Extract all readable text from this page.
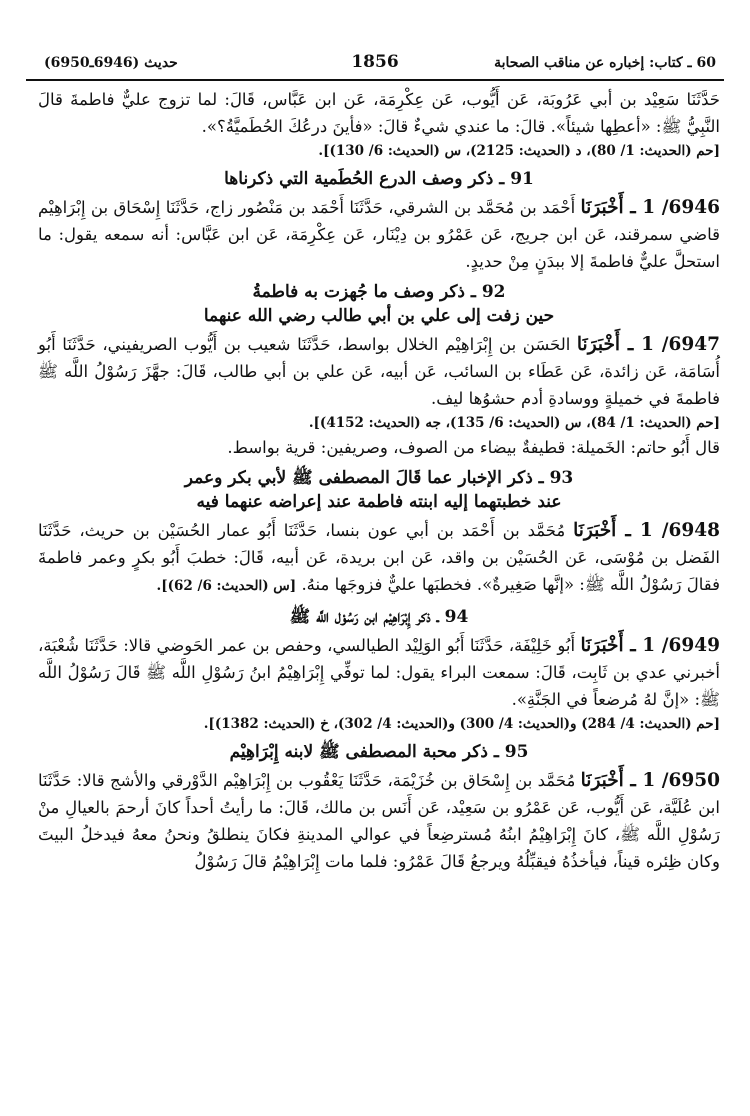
60 ـ كتاب: إخباره عن مناقب الصحابة
1856
حديث (6946ـ6950)

حَدَّثَنَا سَعِيْد بن أبي عَرُوبَة، عَن أَيُّوب، عَن عِكْرِمَة، عَن ابن عَبَّاس، قَالَ: لما تزوج عليٌّ فاطمةَ قالَ النَّبِيُّ ﷺ: «أعطِها شيئاً». قالَ: ما عندي شيءٌ قالَ: «فأينَ درعُكَ الحُطَميَّةُ؟».

[حم (الحديث: 1/ 80)، د (الحديث: 2125)، س (الحديث: 6/ 130)].

91 ـ ذكر وصف الدرع الحُطَمية التي ذكرناها

6946/ 1 ـ أَخْبَرَنَا أَحْمَد بن مُحَمَّد بن الشرقي، حَدَّثَنَا أَحْمَد بن مَنْصُور زاج، حَدَّثَنَا إِسْحَاق بن إِبْرَاهِيْم قاضي سمرقند، عَن ابن جريج، عَن عَمْرُو بن دِيْنَار، عَن عِكْرِمَة، عَن ابن عَبَّاس: أنه سمعه يقول: ما استحلَّ عليٌّ فاطمةَ إلا ببدَنٍ مِنْ حديدٍ.

92 ـ ذكر وصف ما جُهزت به فاطمةُ
حين زفت إلى علي بن أبي طالب رضي الله عنهما

6947/ 1 ـ أَخْبَرَنَا الحَسَن بن إِبْرَاهِيْم الخلال بواسط، حَدَّثَنَا شعيب بن أَيُّوب الصريفيني، حَدَّثَنَا أَبُو أُسَامَة، عَن زائدة، عَن عَطَاء بن السائب، عَن أبيه، عَن علي بن أبي طالب، قَالَ: جهَّزَ رَسُوْلُ اللَّه ﷺ فاطمةَ في خميلةٍ ووسادةِ أدم حشوُها ليف.

[حم (الحديث: 1/ 84)، س (الحديث: 6/ 135)، جه (الحديث: 4152)].

قال أَبُو حاتم: الخَميلة: قطيفةٌ بيضاء من الصوف، وصريفين: قرية بواسط.

93 ـ ذكر الإخبار عما قَالَ المصطفى ﷺ لأبي بكر وعمر
عند خطبتهما إليه ابنته فاطمة عند إعراضه عنهما فيه

6948/ 1 ـ أَخْبَرَنَا مُحَمَّد بن أَحْمَد بن أبي عون بنسا، حَدَّثَنَا أَبُو عمار الحُسَيْن بن حريث، حَدَّثَنَا الفَضل بن مُوْسَى، عَن الحُسَيْن بن واقد، عَن ابن بريدة، عَن أبيه، قَالَ: خطبَ أَبُو بكرٍ وعمر فاطمةَ فقالَ رَسُوْلُ اللَّه ﷺ: «إنَّها صَغِيرةٌ». فخطبَها عليٌّ فزوجَها منهُ. [س (الحديث: 6/ 62)].

94 ـ ذكر إِبْرَاهِيْم ابن رَسُوْل اللَّه ﷺ

6949/ 1 ـ أَخْبَرَنَا أَبُو خَلِيْفَة، حَدَّثَنَا أَبُو الوَلِيْد الطيالسي، وحفص بن عمر الحَوضي قالا: حَدَّثَنَا شُعْبَة، أخبرني عدي بن ثَابِت، قَالَ: سمعت البراء يقول: لما توفِّي إِبْرَاهِيْمُ ابنُ رَسُوْلِ اللَّه ﷺ قَالَ رَسُوْلُ اللَّه ﷺ: «إنَّ لهُ مُرضعاً في الجَنَّةِ».

[حم (الحديث: 4/ 284) و(الحديث: 4/ 300) و(الحديث: 4/ 302)، خ (الحديث: 1382)].

95 ـ ذكر محبة المصطفى ﷺ لابنه إِبْرَاهِيْم

6950/ 1 ـ أَخْبَرَنَا مُحَمَّد بن إِسْحَاق بن خُزَيْمَة، حَدَّثَنَا يَعْقُوب بن إِبْرَاهِيْم الدَّوْرقي والأشج قالا: حَدَّثَنَا ابن عُلَيَّة، عَن أَيُّوب، عَن عَمْرُو بن سَعِيْد، عَن أَنَس بن مالك، قَالَ: ما رأيتُ أحداً كانَ أرحمَ بالعيالِ منْ رَسُوْلِ اللَّه ﷺ، كانَ إِبْرَاهِيْمُ ابنُهُ مُسترضِعاً في عوالي المدينةِ فكانَ ينطلقُ ونحنُ معهُ فيدخلُ البيتَ وكان ظِئره قيناً، فيأخذُهُ فيقبِّلُهُ ويرجعُ قَالَ عَمْرُو: فلما مات إِبْرَاهِيْمُ قالَ رَسُوْلُ
